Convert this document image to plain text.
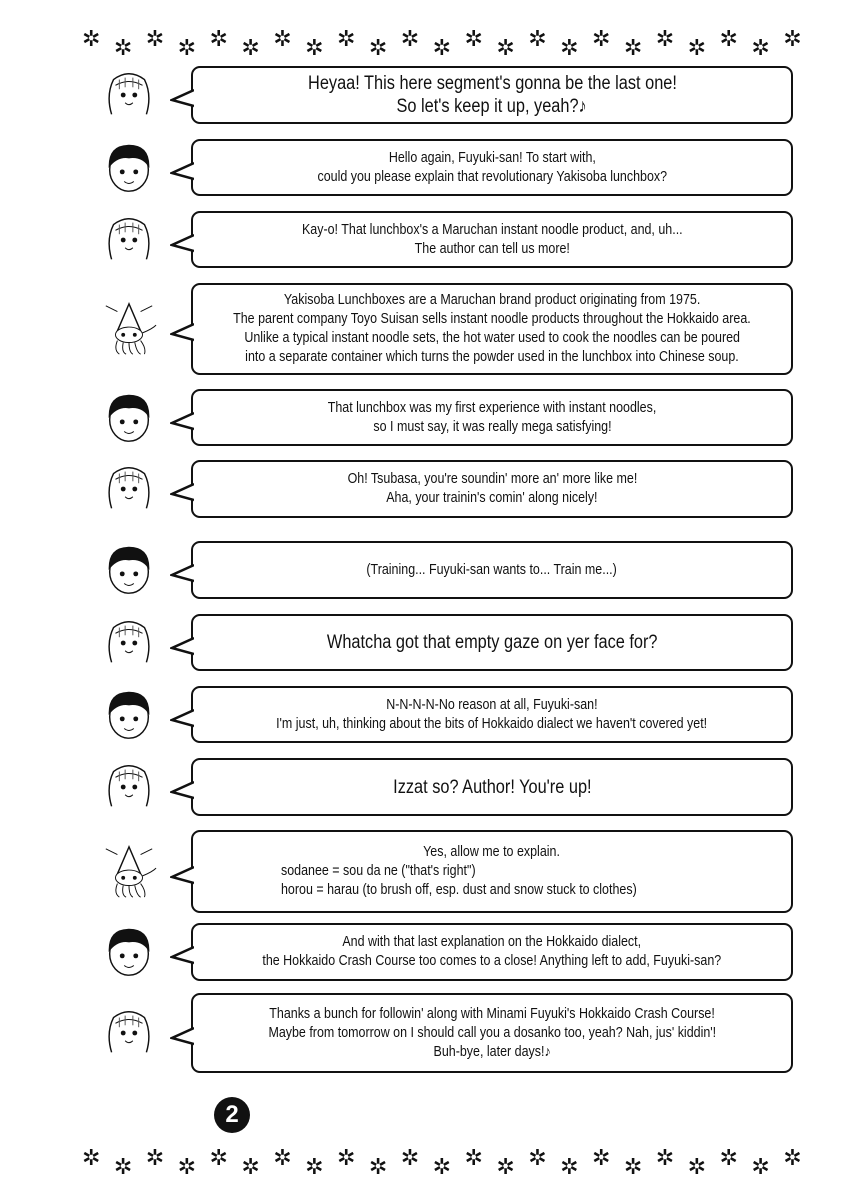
✲ ✲ ✲ ✲ ✲ ✲ ✲ ✲ ✲ ✲ ✲ ✲ ✲ ✲ ✲ ✲ ✲ ✲ ✲ ✲ ✲ ✲ ✲
Heyaa! This here segment's gonna be the last one!
So let's keep it up, yeah?♪
Hello again, Fuyuki-san! To start with,
could you please explain that revolutionary Yakisoba lunchbox?
Kay-o! That lunchbox's a Maruchan instant noodle product, and, uh...
The author can tell us more!
Yakisoba Lunchboxes are a Maruchan brand product originating from 1975.
The parent company Toyo Suisan sells instant noodle products throughout the Hokkaido area.
Unlike a typical instant noodle sets, the hot water used to cook the noodles can be poured
into a separate container which turns the powder used in the lunchbox into Chinese soup.
That lunchbox was my first experience with instant noodles,
so I must say, it was really mega satisfying!
Oh! Tsubasa, you're soundin' more an' more like me!
Aha, your trainin's comin' along nicely!
(Training... Fuyuki-san wants to... Train me...)
Whatcha got that empty gaze on yer face for?
N-N-N-N-No reason at all, Fuyuki-san!
I'm just, uh, thinking about the bits of Hokkaido dialect we haven't covered yet!
Izzat so? Author! You're up!
Yes, allow me to explain.
sodanee = sou da ne ("that's right")
horou = harau (to brush off, esp. dust and snow stuck to clothes)
And with that last explanation on the Hokkaido dialect,
the Hokkaido Crash Course too comes to a close! Anything left to add, Fuyuki-san?
Thanks a bunch for followin' along with Minami Fuyuki's Hokkaido Crash Course!
Maybe from tomorrow on I should call you a dosanko too, yeah? Nah, jus' kiddin'!
Buh-bye, later days!♪
2
✲ ✲ ✲ ✲ ✲ ✲ ✲ ✲ ✲ ✲ ✲ ✲ ✲ ✲ ✲ ✲ ✲ ✲ ✲ ✲ ✲ ✲ ✲
